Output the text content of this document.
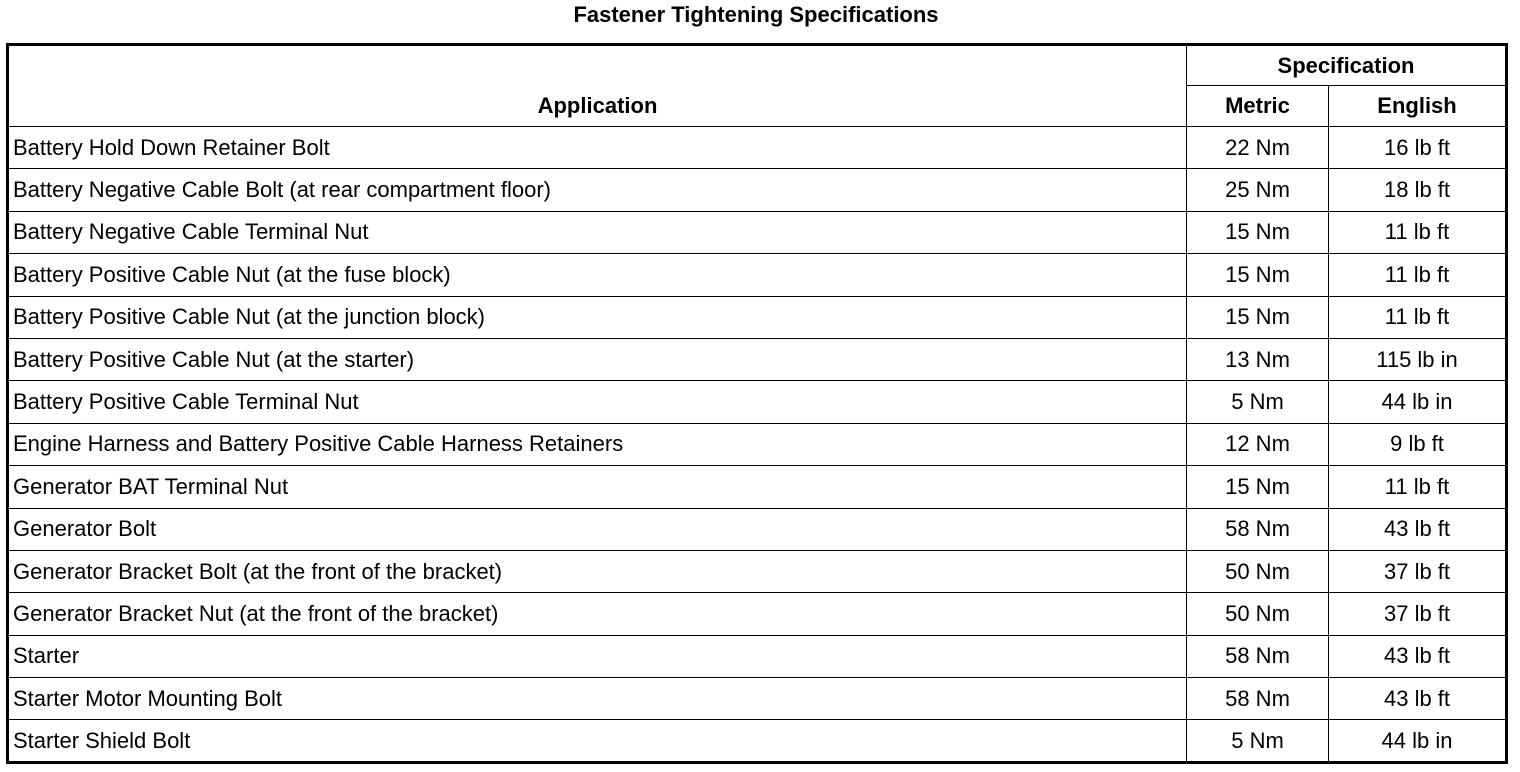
Fastener Tightening Specifications
Application	Specification	
	Metric	English
Battery Hold Down Retainer Bolt	22 Nm	16 lb ft
Battery Negative Cable Bolt (at rear compartment floor)	25 Nm	18 lb ft
Battery Negative Cable Terminal Nut	15 Nm	11 lb ft
Battery Positive Cable Nut (at the fuse block)	15 Nm	11 lb ft
Battery Positive Cable Nut (at the junction block)	15 Nm	11 lb ft
Battery Positive Cable Nut (at the starter)	13 Nm	115 lb in
Battery Positive Cable Terminal Nut	5 Nm	44 lb in
Engine Harness and Battery Positive Cable Harness Retainers	12 Nm	9 lb ft
Generator BAT Terminal Nut	15 Nm	11 lb ft
Generator Bolt	58 Nm	43 lb ft
Generator Bracket Bolt (at the front of the bracket)	50 Nm	37 lb ft
Generator Bracket Nut (at the front of the bracket)	50 Nm	37 lb ft
Starter	58 Nm	43 lb ft
Starter Motor Mounting Bolt	58 Nm	43 lb ft
Starter Shield Bolt	5 Nm	44 lb in
